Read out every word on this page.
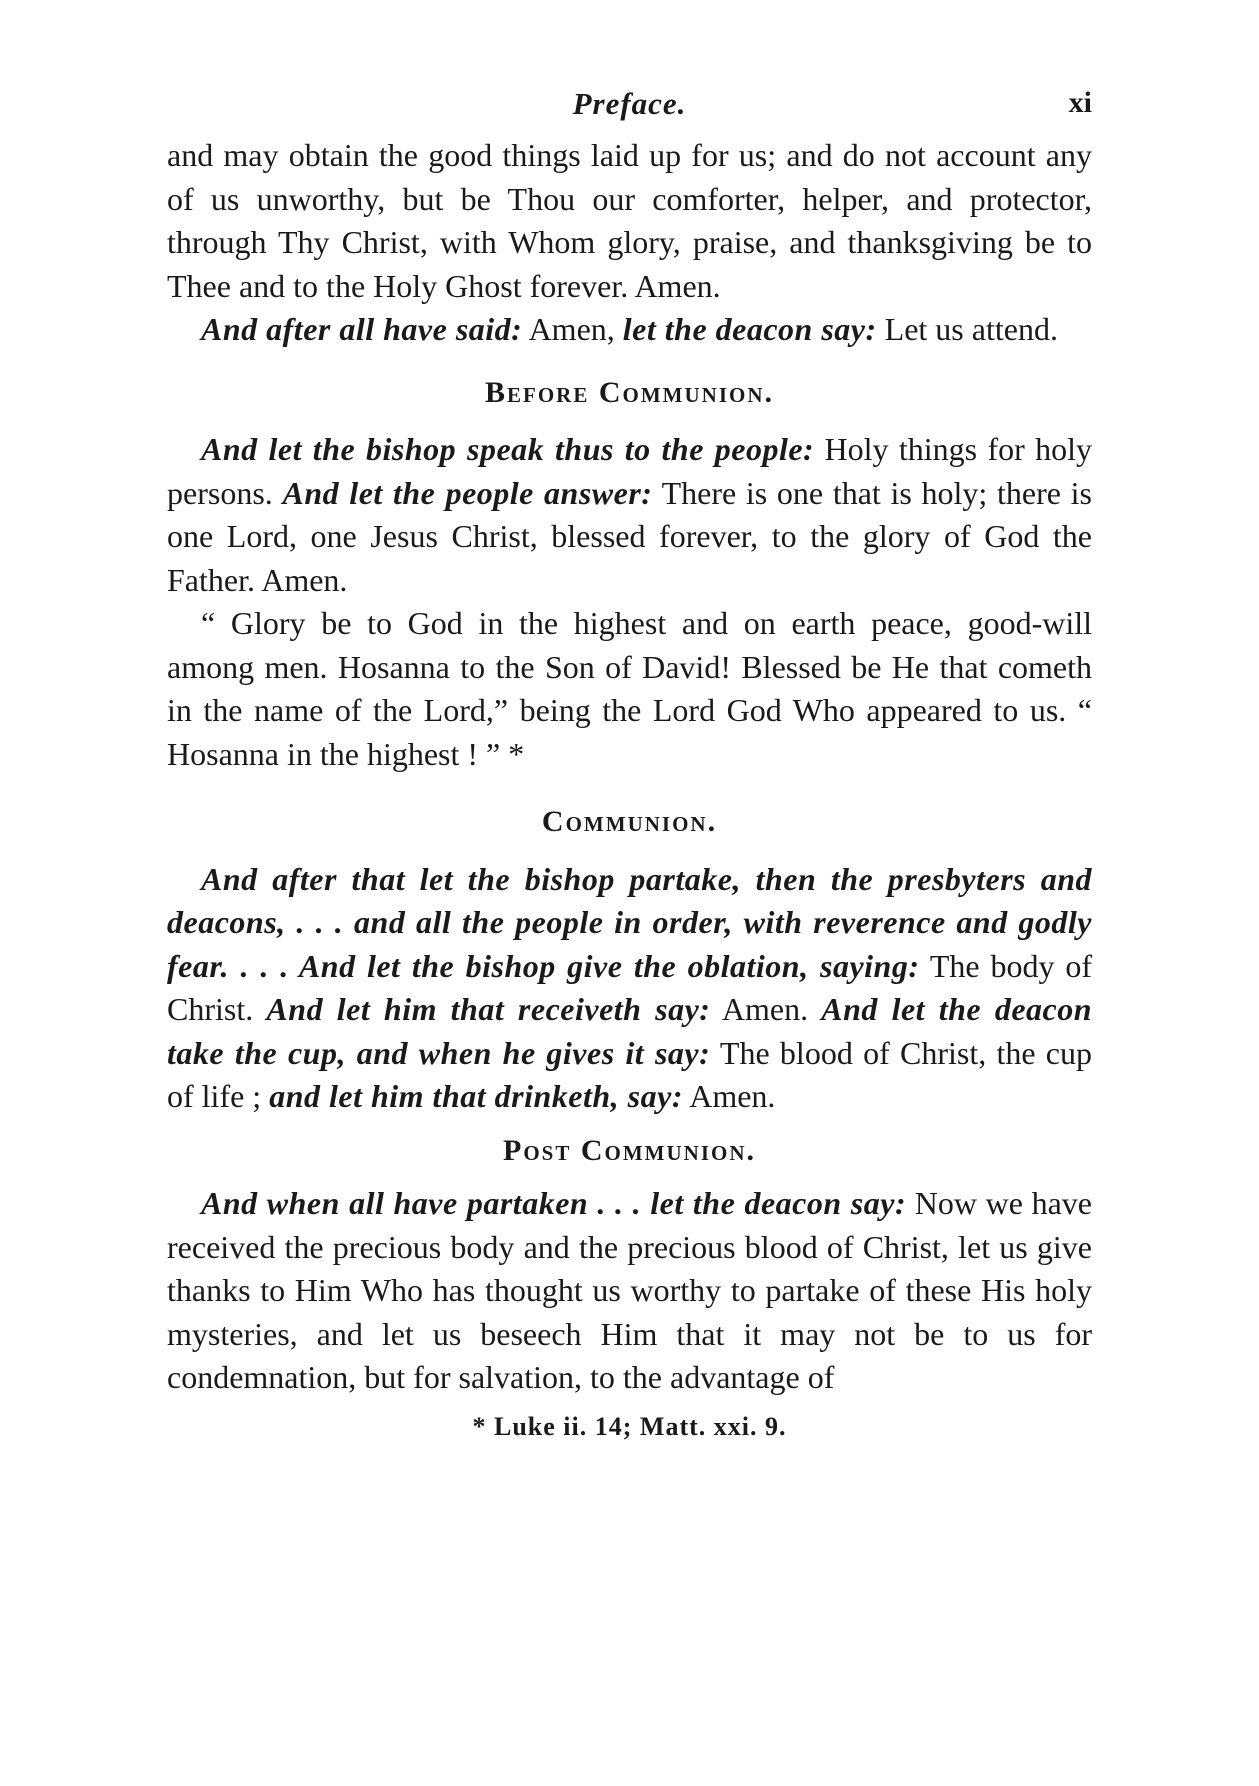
Preface.	xi

and may obtain the good things laid up for us; and do not account any of us unworthy, but be Thou our comforter, helper, and protector, through Thy Christ, with Whom glory, praise, and thanksgiving be to Thee and to the Holy Ghost forever. Amen.

And after all have said: Amen, let the deacon say: Let us attend.

Before Communion.

And let the bishop speak thus to the people: Holy things for holy persons. And let the people answer: There is one that is holy; there is one Lord, one Jesus Christ, blessed forever, to the glory of God the Father. Amen.

“ Glory be to God in the highest and on earth peace, good-will among men. Hosanna to the Son of David! Blessed be He that cometh in the name of the Lord,” being the Lord God Who appeared to us. “ Hosanna in the highest ! ” *

Communion.

And after that let the bishop partake, then the presbyters and deacons, . . . and all the people in order, with reverence and godly fear. . . . And let the bishop give the oblation, saying: The body of Christ. And let him that receiveth say: Amen. And let the deacon take the cup, and when he gives it say: The blood of Christ, the cup of life ; and let him that drinketh, say: Amen.

Post Communion.

And when all have partaken . . . let the deacon say: Now we have received the precious body and the precious blood of Christ, let us give thanks to Him Who has thought us worthy to partake of these His holy mysteries, and let us beseech Him that it may not be to us for condemnation, but for salvation, to the advantage of

* Luke ii. 14; Matt. xxi. 9.
